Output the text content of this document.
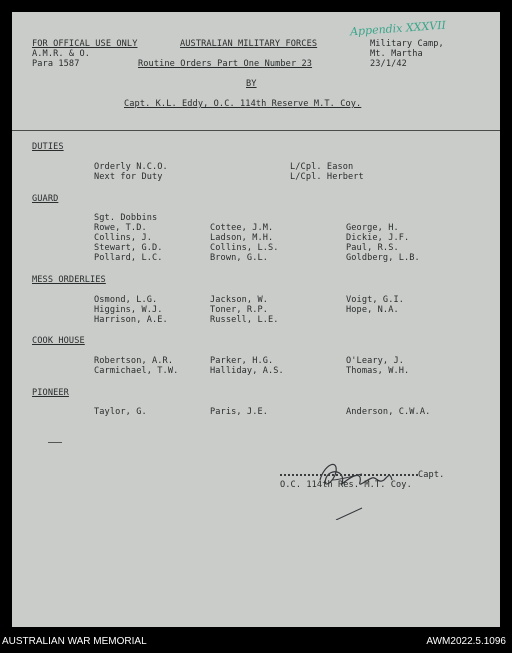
Appendix XXXVII
FOR OFFICAL USE ONLY
A.M.R. & O.
Para 1587
AUSTRALIAN MILITARY FORCES
Routine Orders Part One Number 23
Military Camp,
Mt. Martha
23/1/42
BY
Capt. K.L. Eddy, O.C. 114th Reserve M.T. Coy.
DUTIES
Orderly N.C.O.	L/Cpl. Eason
Next for Duty	L/Cpl. Herbert
GUARD
Sgt. Dobbins
Rowe, T.D.	Cottee, J.M.	George, H.
Collins, J.	Ladson, M.H.	Dickie, J.F.
Stewart, G.D.	Collins, L.S.	Paul, R.S.
Pollard, L.C.	Brown, G.L.	Goldberg, L.B.
MESS ORDERLIES
Osmond, L.G.	Jackson, W.	Voigt, G.I.
Higgins, W.J.	Toner, R.P.	Hope, N.A.
Harrison, A.E.	Russell, L.E.
COOK HOUSE
Robertson, A.R.	Parker, H.G.	O'Leary, J.
Carmichael, T.W.	Halliday, A.S.	Thomas, W.H.
PIONEER
Taylor, G.	Paris, J.E.	Anderson, C.W.A.
Capt.
O.C. 114th Res. M.T. Coy.
AUSTRALIAN WAR MEMORIAL	AWM2022.5.1096
